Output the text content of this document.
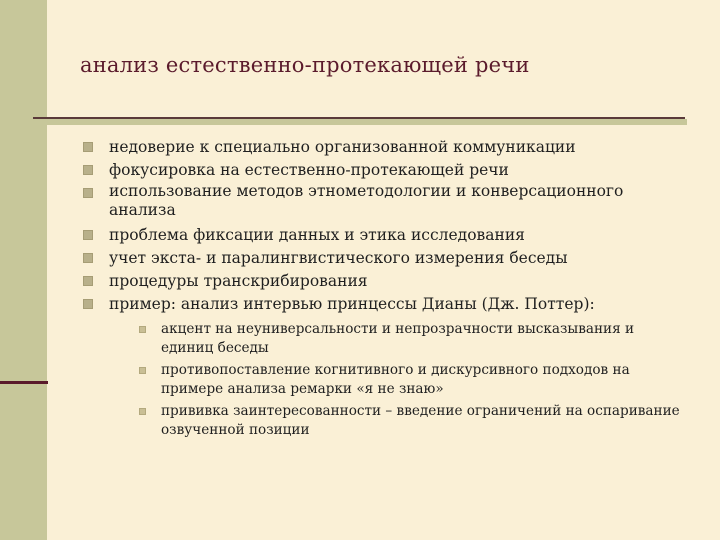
анализ естественно-протекающей речи
недоверие к специально организованной коммуникации
фокусировка на естественно-протекающей речи
использование методов этнометодологии и конверсационного анализа
проблема фиксации данных и этика исследования
учет экста- и паралингвистического измерения беседы
процедуры транскрибирования
пример: анализ интервью принцессы Дианы (Дж. Поттер):
акцент на неуниверсальности и непрозрачности высказывания и единиц беседы
противопоставление когнитивного и дискурсивного подходов на примере анализа ремарки «я не знаю»
прививка заинтересованности – введение ограничений на оспаривание озвученной позиции
